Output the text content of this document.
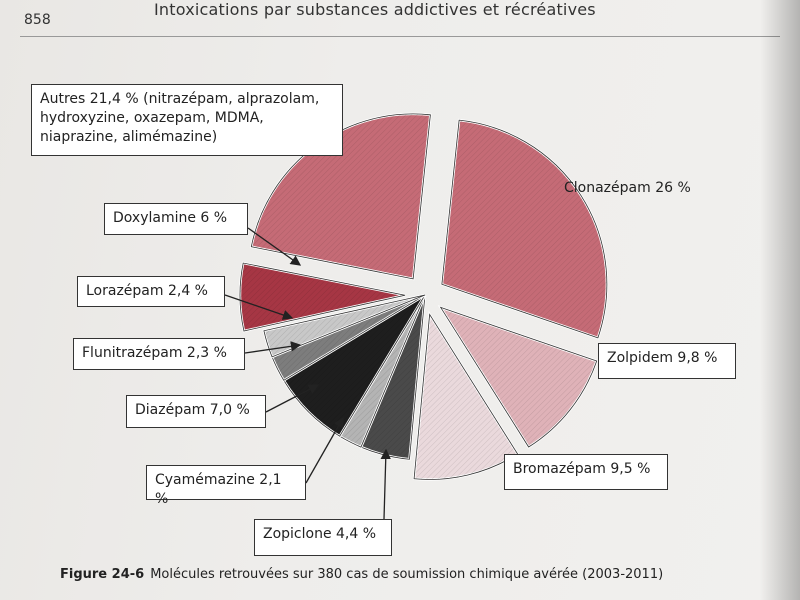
858
Intoxications par substances addictives et récréatives
Autres 21,4 % (nitrazépam, alprazolam, hydroxyzine, oxazepam, MDMA, niaprazine, alimémazine)
Clonazépam 26 %
Doxylamine 6 %
Lorazépam 2,4 %
Flunitrazépam 2,3 %	Zolpidem 9,8 %
Diazépam 7,0 %
Bromazépam 9,5 %
Cyamémazine 2,1 %
Zopiclone 4,4 %
Figure 24-6 Molécules retrouvées sur 380 cas de soumission chimique avérée (2003-2011)
